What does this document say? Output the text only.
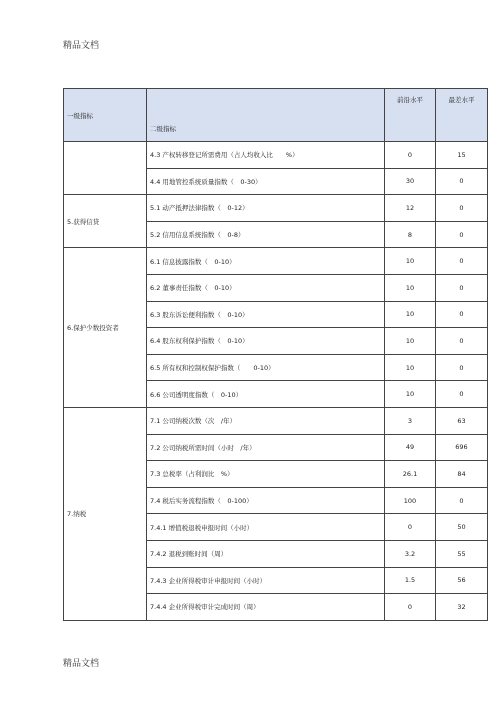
精品文档
一级指标	二级指标	前沿水平	最差水平
	4.3 产权转移登记所需费用（占人均收入比　　%）	0	15
	4.4 用地管控系统质量指数（　0-30）	30	0
5.获得信贷	5.1 动产抵押法律指数（　0-12）	12	0
	5.2 信用信息系统指数（　0-8）	8	0
6.保护少数投资者	6.1 信息披露指数（　0-10）	10	0
	6.2 董事责任指数（　0-10）	10	0
	6.3 股东诉讼便利指数（　0-10）	10	0
	6.4 股东权利保护指数（　0-10）	10	0
	6.5 所有权和控制权保护指数（　　0-10）	10	0
	6.6 公司透明度指数（　0-10）	10	0
7.纳税	7.1 公司纳税次数（次　/年）	3	63
	7.2 公司纳税所需时间（小时　/年）	49	696
	7.3 总税率（占利润比　%）	26.1	84
	7.4 税后实务流程指数（　0-100）	100	0
	7.4.1 增值税退税申报时间（小时）	0	50
	7.4.2 退税到账时间（周）	3.2	55
	7.4.3 企业所得税审计申报时间（小时）	1.5	56
	7.4.4 企业所得税审计完成时间（周）	0	32
精品文档
